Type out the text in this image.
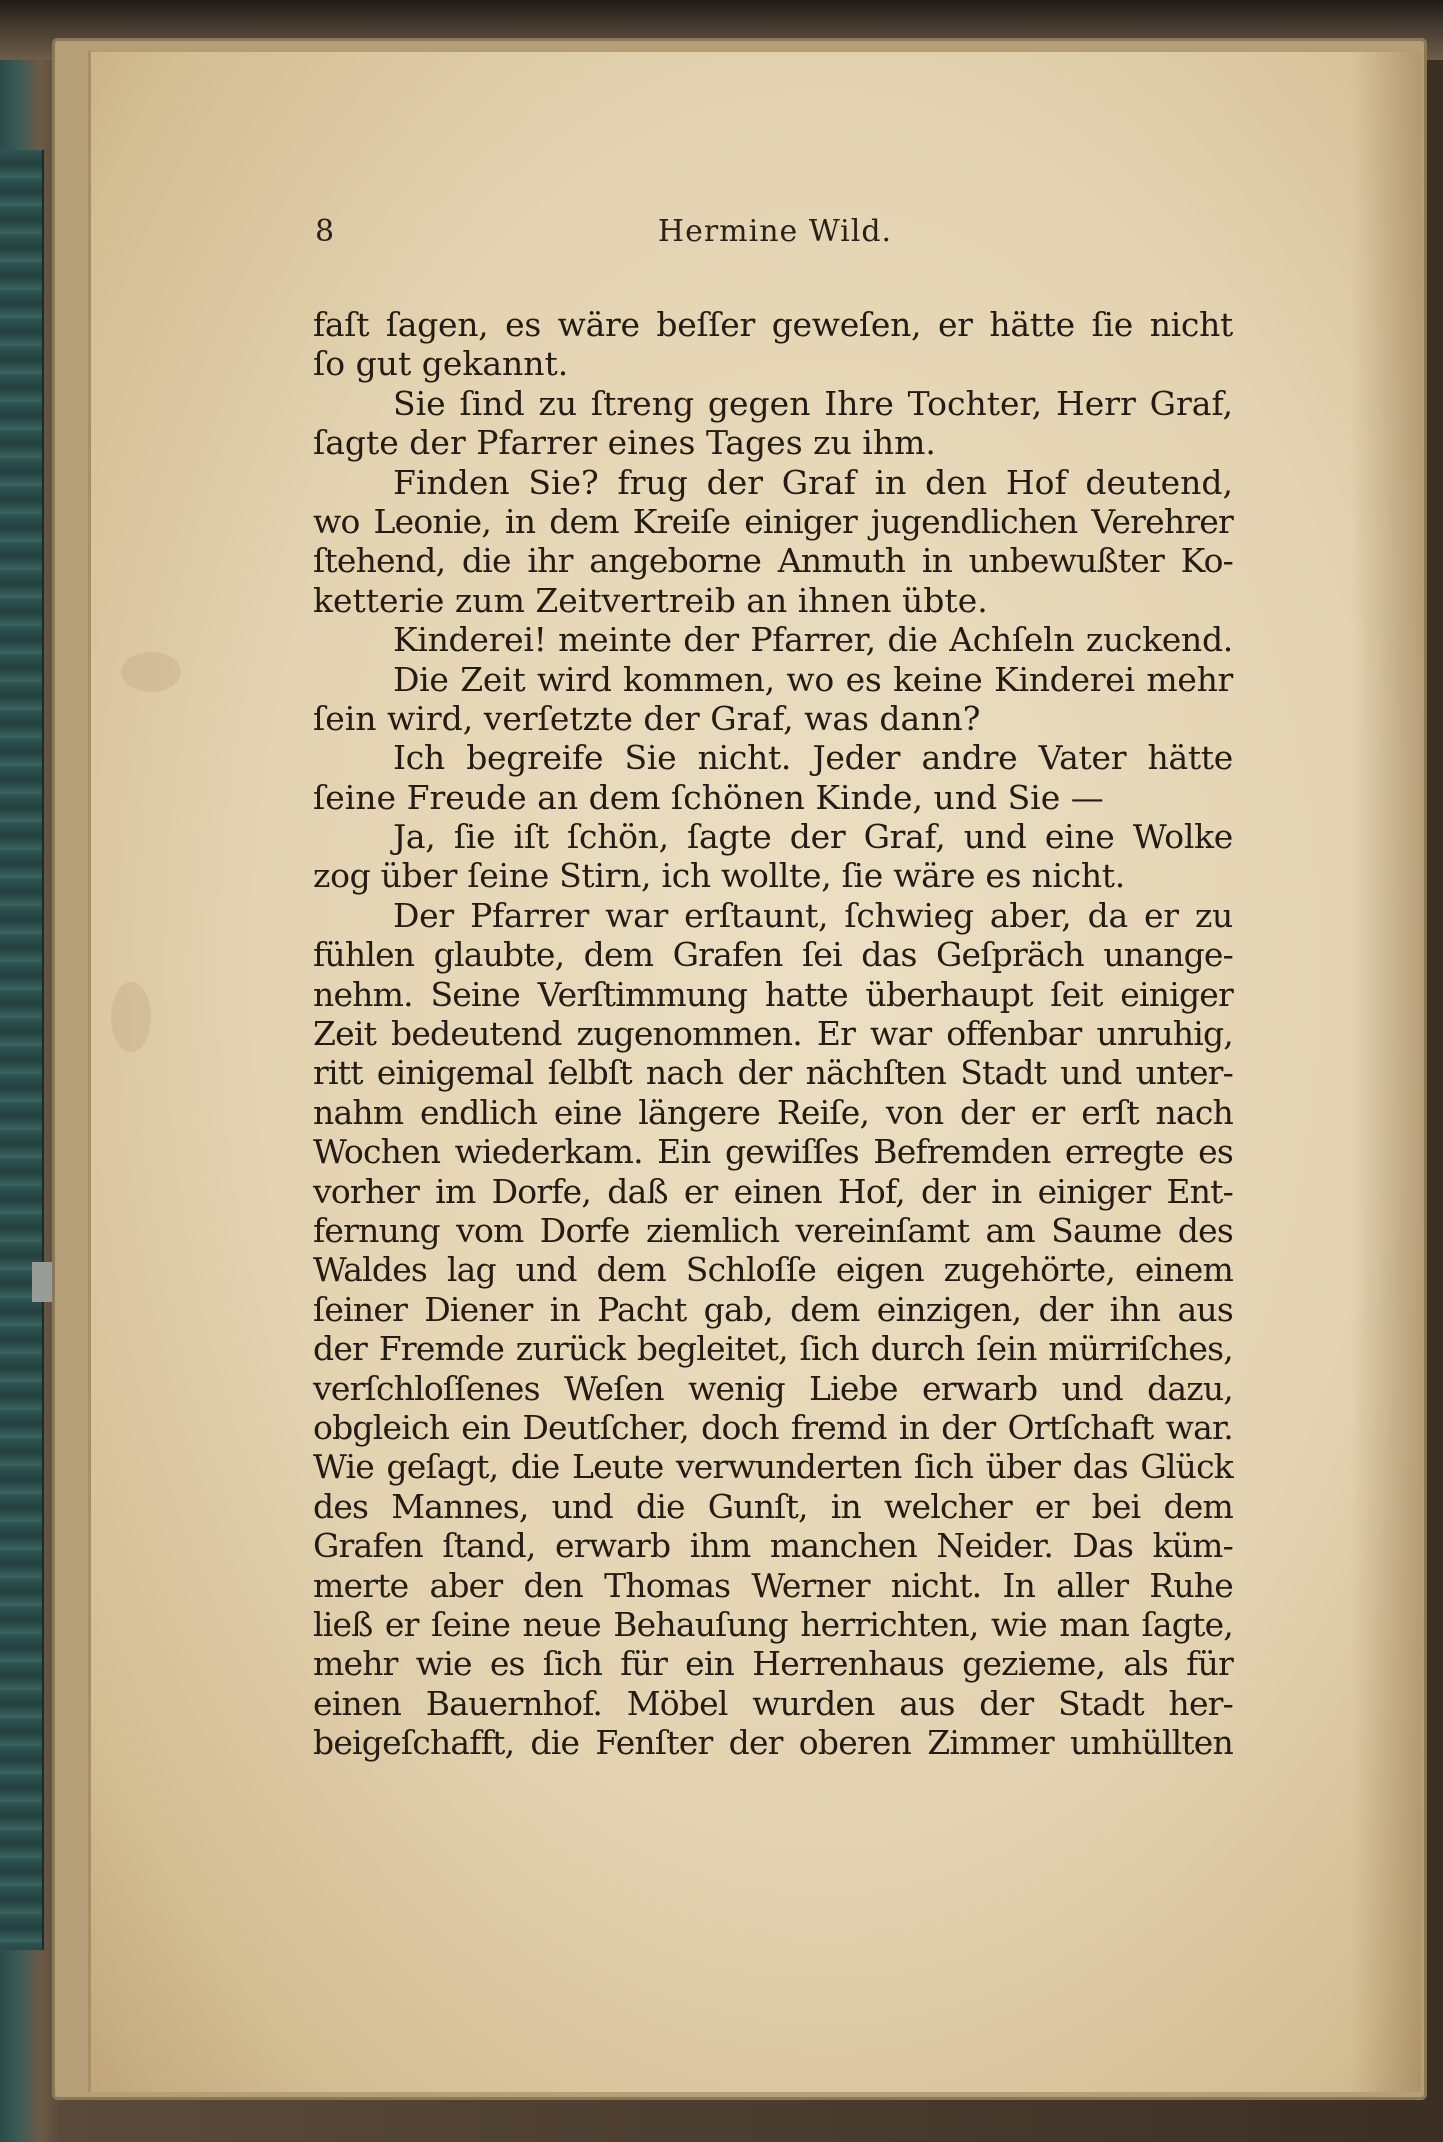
8	Hermine Wild.
faſt ſagen, es wäre beſſer geweſen, er hätte ſie nicht
ſo gut gekannt.
Sie ſind zu ſtreng gegen Ihre Tochter, Herr Graf,
ſagte der Pfarrer eines Tages zu ihm.
Finden Sie? frug der Graf in den Hof deutend,
wo Leonie, in dem Kreiſe einiger jugendlichen Verehrer
ſtehend, die ihr angeborne Anmuth in unbewußter Ko-
ketterie zum Zeitvertreib an ihnen übte.
Kinderei! meinte der Pfarrer, die Achſeln zuckend.
Die Zeit wird kommen, wo es keine Kinderei mehr
ſein wird, verſetzte der Graf, was dann?
Ich begreife Sie nicht. Jeder andre Vater hätte
ſeine Freude an dem ſchönen Kinde, und Sie —
Ja, ſie iſt ſchön, ſagte der Graf, und eine Wolke
zog über ſeine Stirn, ich wollte, ſie wäre es nicht.
Der Pfarrer war erſtaunt, ſchwieg aber, da er zu
fühlen glaubte, dem Grafen ſei das Geſpräch unange-
nehm. Seine Verſtimmung hatte überhaupt ſeit einiger
Zeit bedeutend zugenommen. Er war offenbar unruhig,
ritt einigemal ſelbſt nach der nächſten Stadt und unter-
nahm endlich eine längere Reiſe, von der er erſt nach
Wochen wiederkam. Ein gewiſſes Befremden erregte es
vorher im Dorfe, daß er einen Hof, der in einiger Ent-
fernung vom Dorfe ziemlich vereinſamt am Saume des
Waldes lag und dem Schloſſe eigen zugehörte, einem
ſeiner Diener in Pacht gab, dem einzigen, der ihn aus
der Fremde zurück begleitet, ſich durch ſein mürriſches,
verſchloſſenes Weſen wenig Liebe erwarb und dazu,
obgleich ein Deutſcher, doch fremd in der Ortſchaft war.
Wie geſagt, die Leute verwunderten ſich über das Glück
des Mannes, und die Gunſt, in welcher er bei dem
Grafen ſtand, erwarb ihm manchen Neider. Das küm-
merte aber den Thomas Werner nicht. In aller Ruhe
ließ er ſeine neue Behauſung herrichten, wie man ſagte,
mehr wie es ſich für ein Herrenhaus gezieme, als für
einen Bauernhof. Möbel wurden aus der Stadt her-
beigeſchafft, die Fenſter der oberen Zimmer umhüllten
